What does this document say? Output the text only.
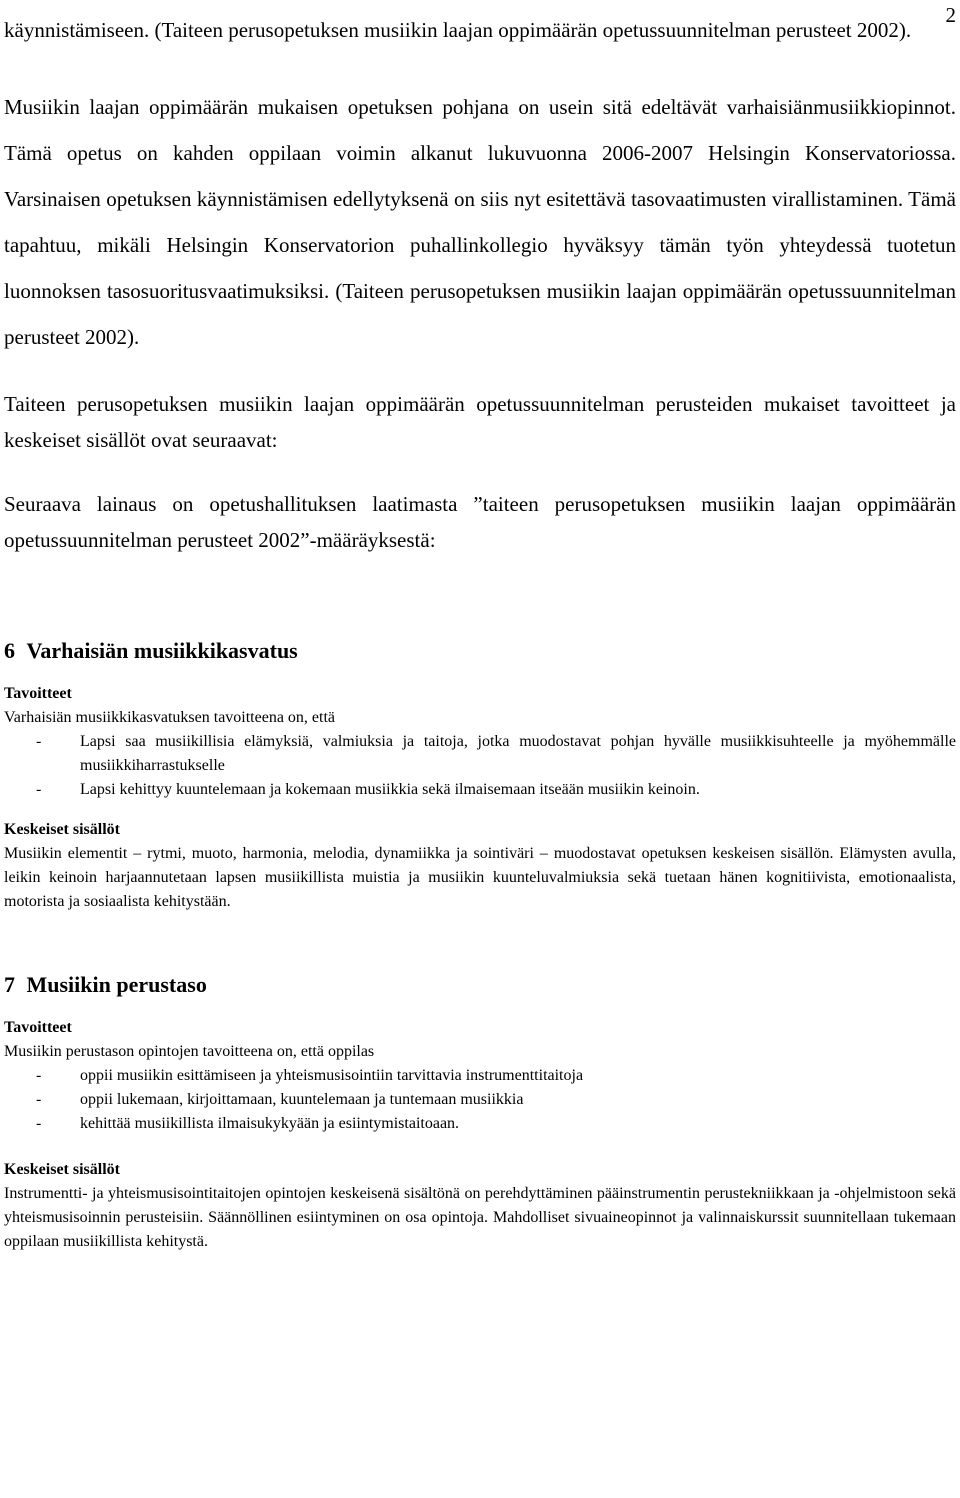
2

käynnistämiseen. (Taiteen perusopetuksen musiikin laajan oppimäärän opetussuunnitelman perusteet 2002).

Musiikin laajan oppimäärän mukaisen opetuksen pohjana on usein sitä edeltävät varhaisiänmusiikkiopinnot. Tämä opetus on kahden oppilaan voimin alkanut lukuvuonna 2006-2007 Helsingin Konservatoriossa. Varsinaisen opetuksen käynnistämisen edellytyksenä on siis nyt esitettävä tasovaatimusten virallistaminen. Tämä tapahtuu, mikäli Helsingin Konservatorion puhallinkollegio hyväksyy tämän työn yhteydessä tuotetun luonnoksen tasosuoritusvaatimuksiksi. (Taiteen perusopetuksen musiikin laajan oppimäärän opetussuunnitelman perusteet 2002).

Taiteen perusopetuksen musiikin laajan oppimäärän opetussuunnitelman perusteiden mukaiset tavoitteet ja keskeiset sisällöt ovat seuraavat:

Seuraava lainaus on opetushallituksen laatimasta ”taiteen perusopetuksen musiikin laajan oppimäärän opetussuunnitelman perusteet 2002”-määräyksestä:

6 Varhaisiän musiikkikasvatus

Tavoitteet

Varhaisiän musiikkikasvatuksen tavoitteena on, että

- Lapsi saa musiikillisia elämyksiä, valmiuksia ja taitoja, jotka muodostavat pohjan hyvälle musiikkisuhteelle ja myöhemmälle musiikkiharrastukselle
- Lapsi kehittyy kuuntelemaan ja kokemaan musiikkia sekä ilmaisemaan itseään musiikin keinoin.

Keskeiset sisällöt

Musiikin elementit – rytmi, muoto, harmonia, melodia, dynamiikka ja sointiväri – muodostavat opetuksen keskeisen sisällön. Elämysten avulla, leikin keinoin harjaannutetaan lapsen musiikillista muistia ja musiikin kuunteluvalmiuksia sekä tuetaan hänen kognitiivista, emotionaalista, motorista ja sosiaalista kehitystään.

7 Musiikin perustaso

Tavoitteet

Musiikin perustason opintojen tavoitteena on, että oppilas

- oppii musiikin esittämiseen ja yhteismusisointiin tarvittavia instrumenttitaitoja
- oppii lukemaan, kirjoittamaan, kuuntelemaan ja tuntemaan musiikkia
- kehittää musiikillista ilmaisukykyään ja esiintymistaitoaan.

Keskeiset sisällöt

Instrumentti- ja yhteismusisointitaitojen opintojen keskeisenä sisältönä on perehdyttäminen pääinstrumentin perustekniikkaan ja -ohjelmistoon sekä yhteismusisoinnin perusteisiin. Säännöllinen esiintyminen on osa opintoja. Mahdolliset sivuaineopinnot ja valinnaiskurssit suunnitellaan tukemaan oppilaan musiikillista kehitystä.
